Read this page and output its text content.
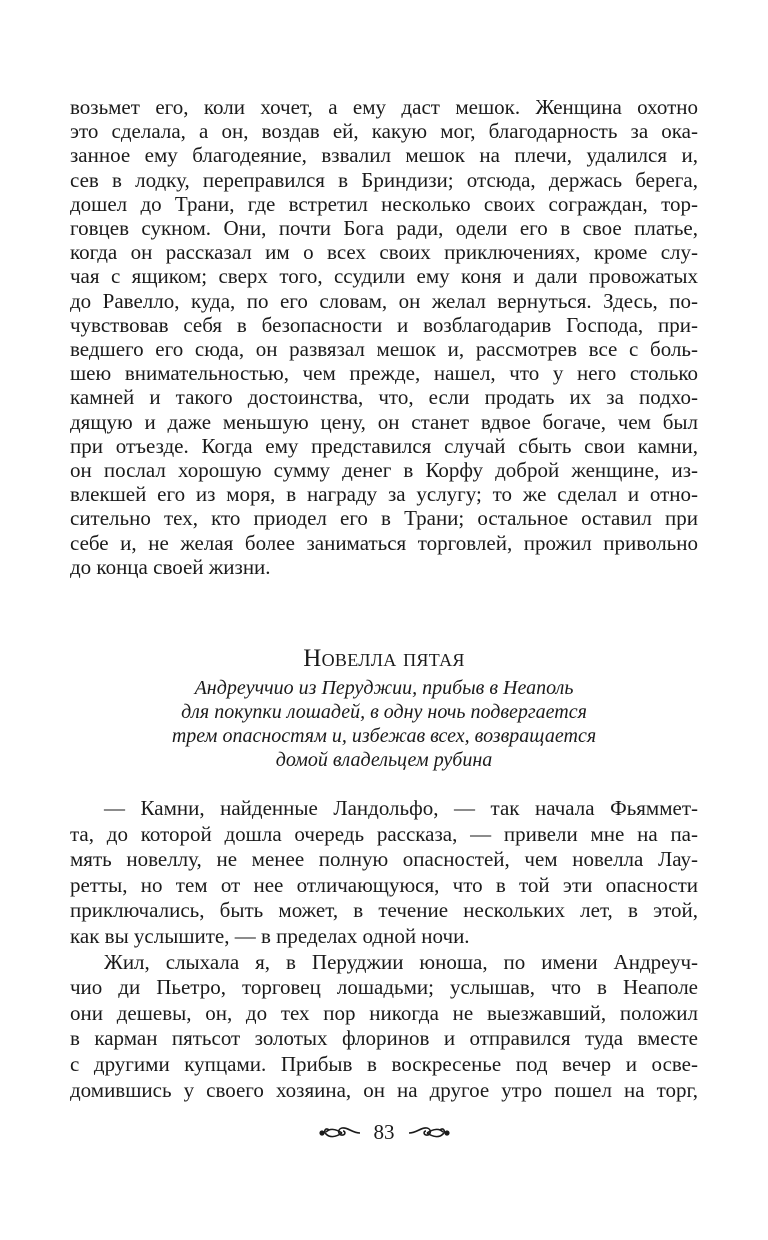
возьмет его, коли хочет, а ему даст мешок. Женщина охотно
это сделала, а он, воздав ей, какую мог, благодарность за ока-
занное ему благодеяние, взвалил мешок на плечи, удалился и,
сев в лодку, переправился в Бриндизи; отсюда, держась берега,
дошел до Трани, где встретил несколько своих сограждан, тор-
говцев сукном. Они, почти Бога ради, одели его в свое платье,
когда он рассказал им о всех своих приключениях, кроме слу-
чая с ящиком; сверх того, ссудили ему коня и дали провожатых
до Равелло, куда, по его словам, он желал вернуться. Здесь, по-
чувствовав себя в безопасности и возблагодарив Господа, при-
ведшего его сюда, он развязал мешок и, рассмотрев все с боль-
шею внимательностью, чем прежде, нашел, что у него столько
камней и такого достоинства, что, если продать их за подхо-
дящую и даже меньшую цену, он станет вдвое богаче, чем был
при отъезде. Когда ему представился случай сбыть свои камни,
он послал хорошую сумму денег в Корфу доброй женщине, из-
влекшей его из моря, в награду за услугу; то же сделал и отно-
сительно тех, кто приодел его в Трани; остальное оставил при
себе и, не желая более заниматься торговлей, прожил привольно
до конца своей жизни.
Новелла пятая
Андреуччио из Перуджии, прибыв в Неаполь
для покупки лошадей, в одну ночь подвергается
трем опасностям и, избежав всех, возвращается
домой владельцем рубина
— Камни, найденные Ландольфо, — так начала Фьяммет-
та, до которой дошла очередь рассказа, — привели мне на па-
мять новеллу, не менее полную опасностей, чем новелла Лау-
ретты, но тем от нее отличающуюся, что в той эти опасности
приключались, быть может, в течение нескольких лет, в этой,
как вы услышите, — в пределах одной ночи.
Жил, слыхала я, в Перуджии юноша, по имени Андреуч-
чио ди Пьетро, торговец лошадьми; услышав, что в Неаполе
они дешевы, он, до тех пор никогда не выезжавший, положил
в карман пятьсот золотых флоринов и отправился туда вместе
с другими купцами. Прибыв в воскресенье под вечер и осве-
домившись у своего хозяина, он на другое утро пошел на торг,
83
